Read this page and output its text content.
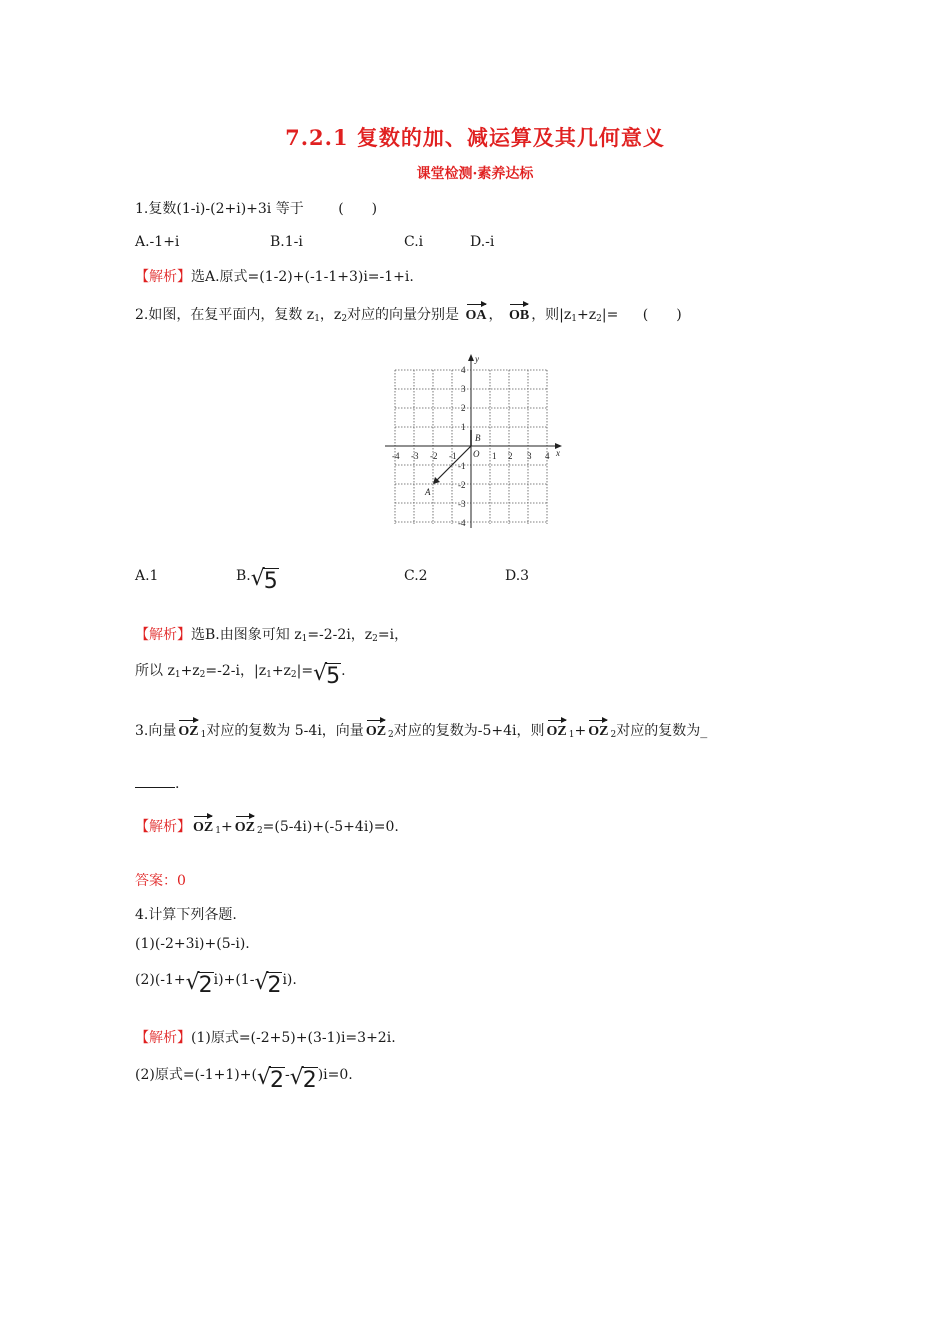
7.2.1 复数的加、减运算及其几何意义
课堂检测·素养达标
1.复数(1-i)-(2+i)+3i 等于 (　　)
A.-1+i	B.1-i	C.i	D.-i
【解析】选A.原式=(1-2)+(-1-1+3)i=-1+i.
2.如图，在复平面内，复数 $z_1$，$z_2$对应的向量分别是 OA ， OB ，则$|z_1+z_2|=$ (　　)
-4 -3 -2 -1	1 2 3 4
4
3
2
1
-1
-2
-3
-4
x
y
O
A
B
A.1	B. √
5	C.2	D.3
【解析】选B.由图象可知 $z_1=-2-2i$，$z_2=i$，
所以 $z_1+z_2=-2-i$，$|z_1+z_2|=$ √
5.
3.向量 OZ $_1$对应的复数为 5-4i，向量 OZ $_2$对应的复数为-5+4i，则 OZ $_1$+ OZ $_2$对应的复数为_
.
【解析】 OZ $_1$+ OZ $_2$=(5-4i)+(-5+4i)=0.
答案：0
4.计算下列各题.
(1)(-2+3i)+(5-i).
(2)(-1+ √
2i)+(1- √
2i).
【解析】(1)原式=(-2+5)+(3-1)i=3+2i.
(2)原式=(-1+1)+( √
2- √
2)i=0.
